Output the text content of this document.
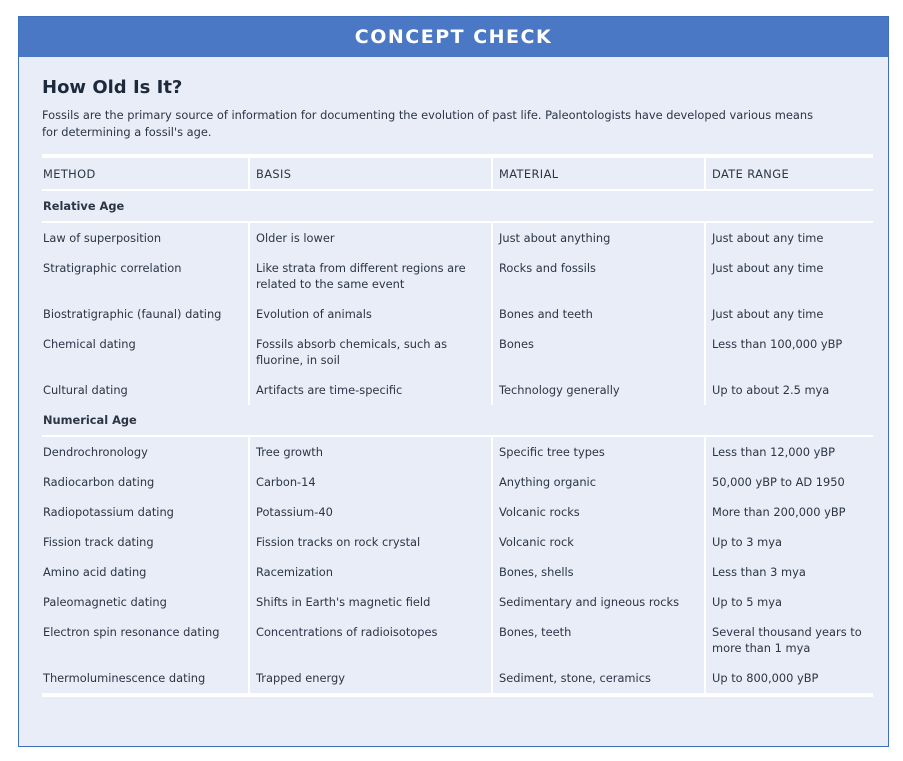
CONCEPT CHECK
How Old Is It?
Fossils are the primary source of information for documenting the evolution of past life. Paleontologists have developed various means for determining a fossil's age.
METHOD	BASIS	MATERIAL	DATE RANGE
Relative Age			
Law of superposition	Older is lower	Just about anything	Just about any time
Stratigraphic correlation	Like strata from different regions are related to the same event	Rocks and fossils	Just about any time
Biostratigraphic (faunal) dating	Evolution of animals	Bones and teeth	Just about any time
Chemical dating	Fossils absorb chemicals, such as fluorine, in soil	Bones	Less than 100,000 yBP
Cultural dating	Artifacts are time-specific	Technology generally	Up to about 2.5 mya
Numerical Age			
Dendrochronology	Tree growth	Specific tree types	Less than 12,000 yBP
Radiocarbon dating	Carbon-14	Anything organic	50,000 yBP to AD 1950
Radiopotassium dating	Potassium-40	Volcanic rocks	More than 200,000 yBP
Fission track dating	Fission tracks on rock crystal	Volcanic rock	Up to 3 mya
Amino acid dating	Racemization	Bones, shells	Less than 3 mya
Paleomagnetic dating	Shifts in Earth's magnetic field	Sedimentary and igneous rocks	Up to 5 mya
Electron spin resonance dating	Concentrations of radioisotopes	Bones, teeth	Several thousand years to more than 1 mya
Thermoluminescence dating	Trapped energy	Sediment, stone, ceramics	Up to 800,000 yBP
